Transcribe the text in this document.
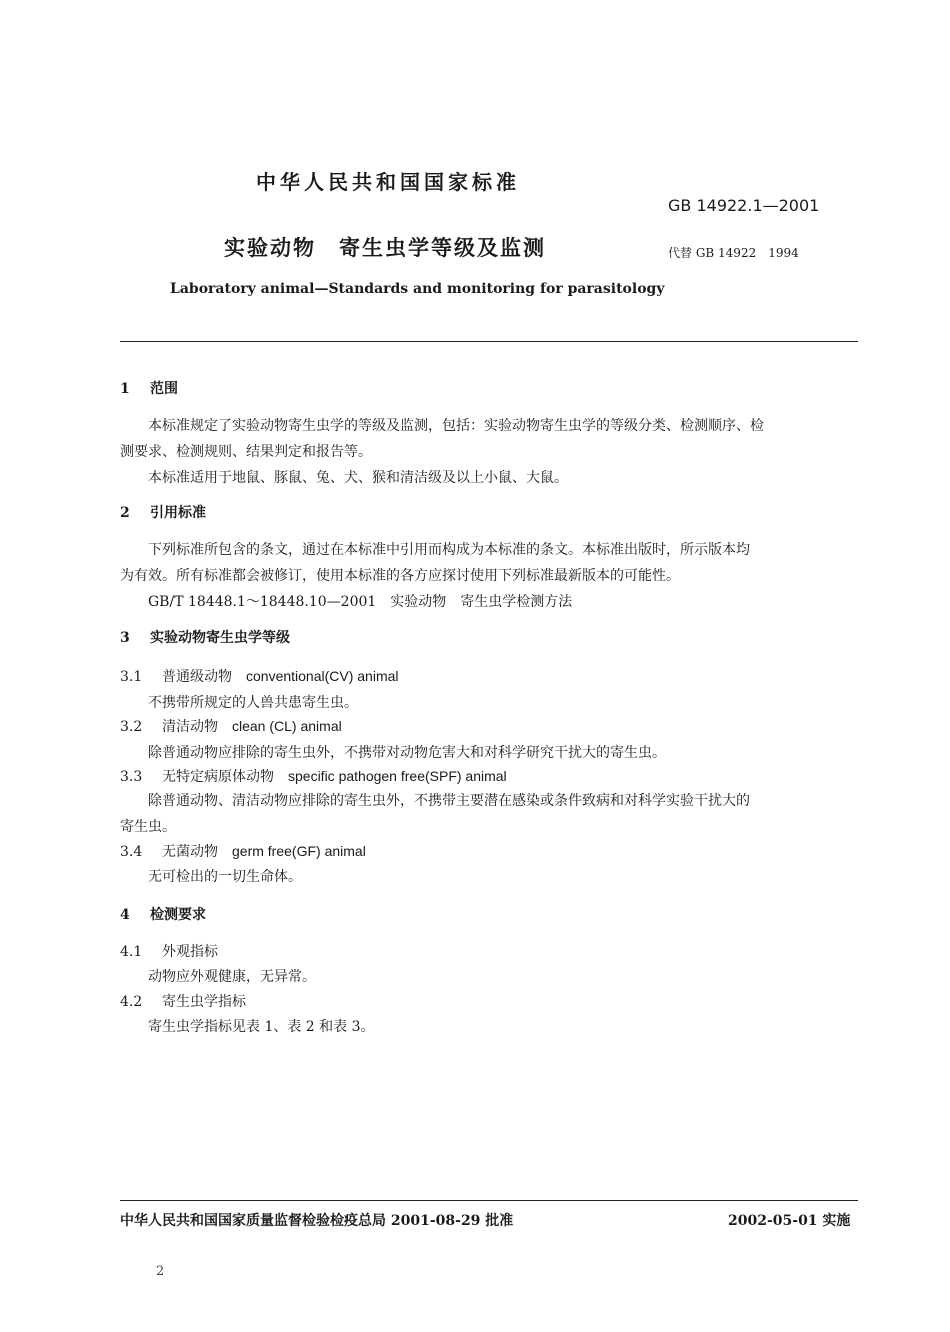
中华人民共和国国家标准
GB 14922.1—2001
实验动物　寄生虫学等级及监测	代替 GB 14922　1994
Laboratory animal—Standards and monitoring for parasitology
1 范围
本标准规定了实验动物寄生虫学的等级及监测，包括：实验动物寄生虫学的等级分类、检测顺序、检
测要求、检测规则、结果判定和报告等。
本标准适用于地鼠、豚鼠、兔、犬、猴和清洁级及以上小鼠、大鼠。
2 引用标准
下列标准所包含的条文，通过在本标准中引用而构成为本标准的条文。本标准出版时，所示版本均
为有效。所有标准都会被修订，使用本标准的各方应探讨使用下列标准最新版本的可能性。
GB/T 18448.1～18448.10—2001　实验动物　寄生虫学检测方法
3 实验动物寄生虫学等级
3.1 普通级动物 conventional(CV) animal
不携带所规定的人兽共患寄生虫。
3.2 清洁动物 clean (CL) animal
除普通动物应排除的寄生虫外，不携带对动物危害大和对科学研究干扰大的寄生虫。
3.3 无特定病原体动物 specific pathogen free(SPF) animal
除普通动物、清洁动物应排除的寄生虫外，不携带主要潜在感染或条件致病和对科学实验干扰大的
寄生虫。
3.4 无菌动物 germ free(GF) animal
无可检出的一切生命体。
4 检测要求
4.1 外观指标
动物应外观健康，无异常。
4.2 寄生虫学指标
寄生虫学指标见表 1、表 2 和表 3。
中华人民共和国国家质量监督检验检疫总局 2001-08-29 批准	2002-05-01 实施
2
